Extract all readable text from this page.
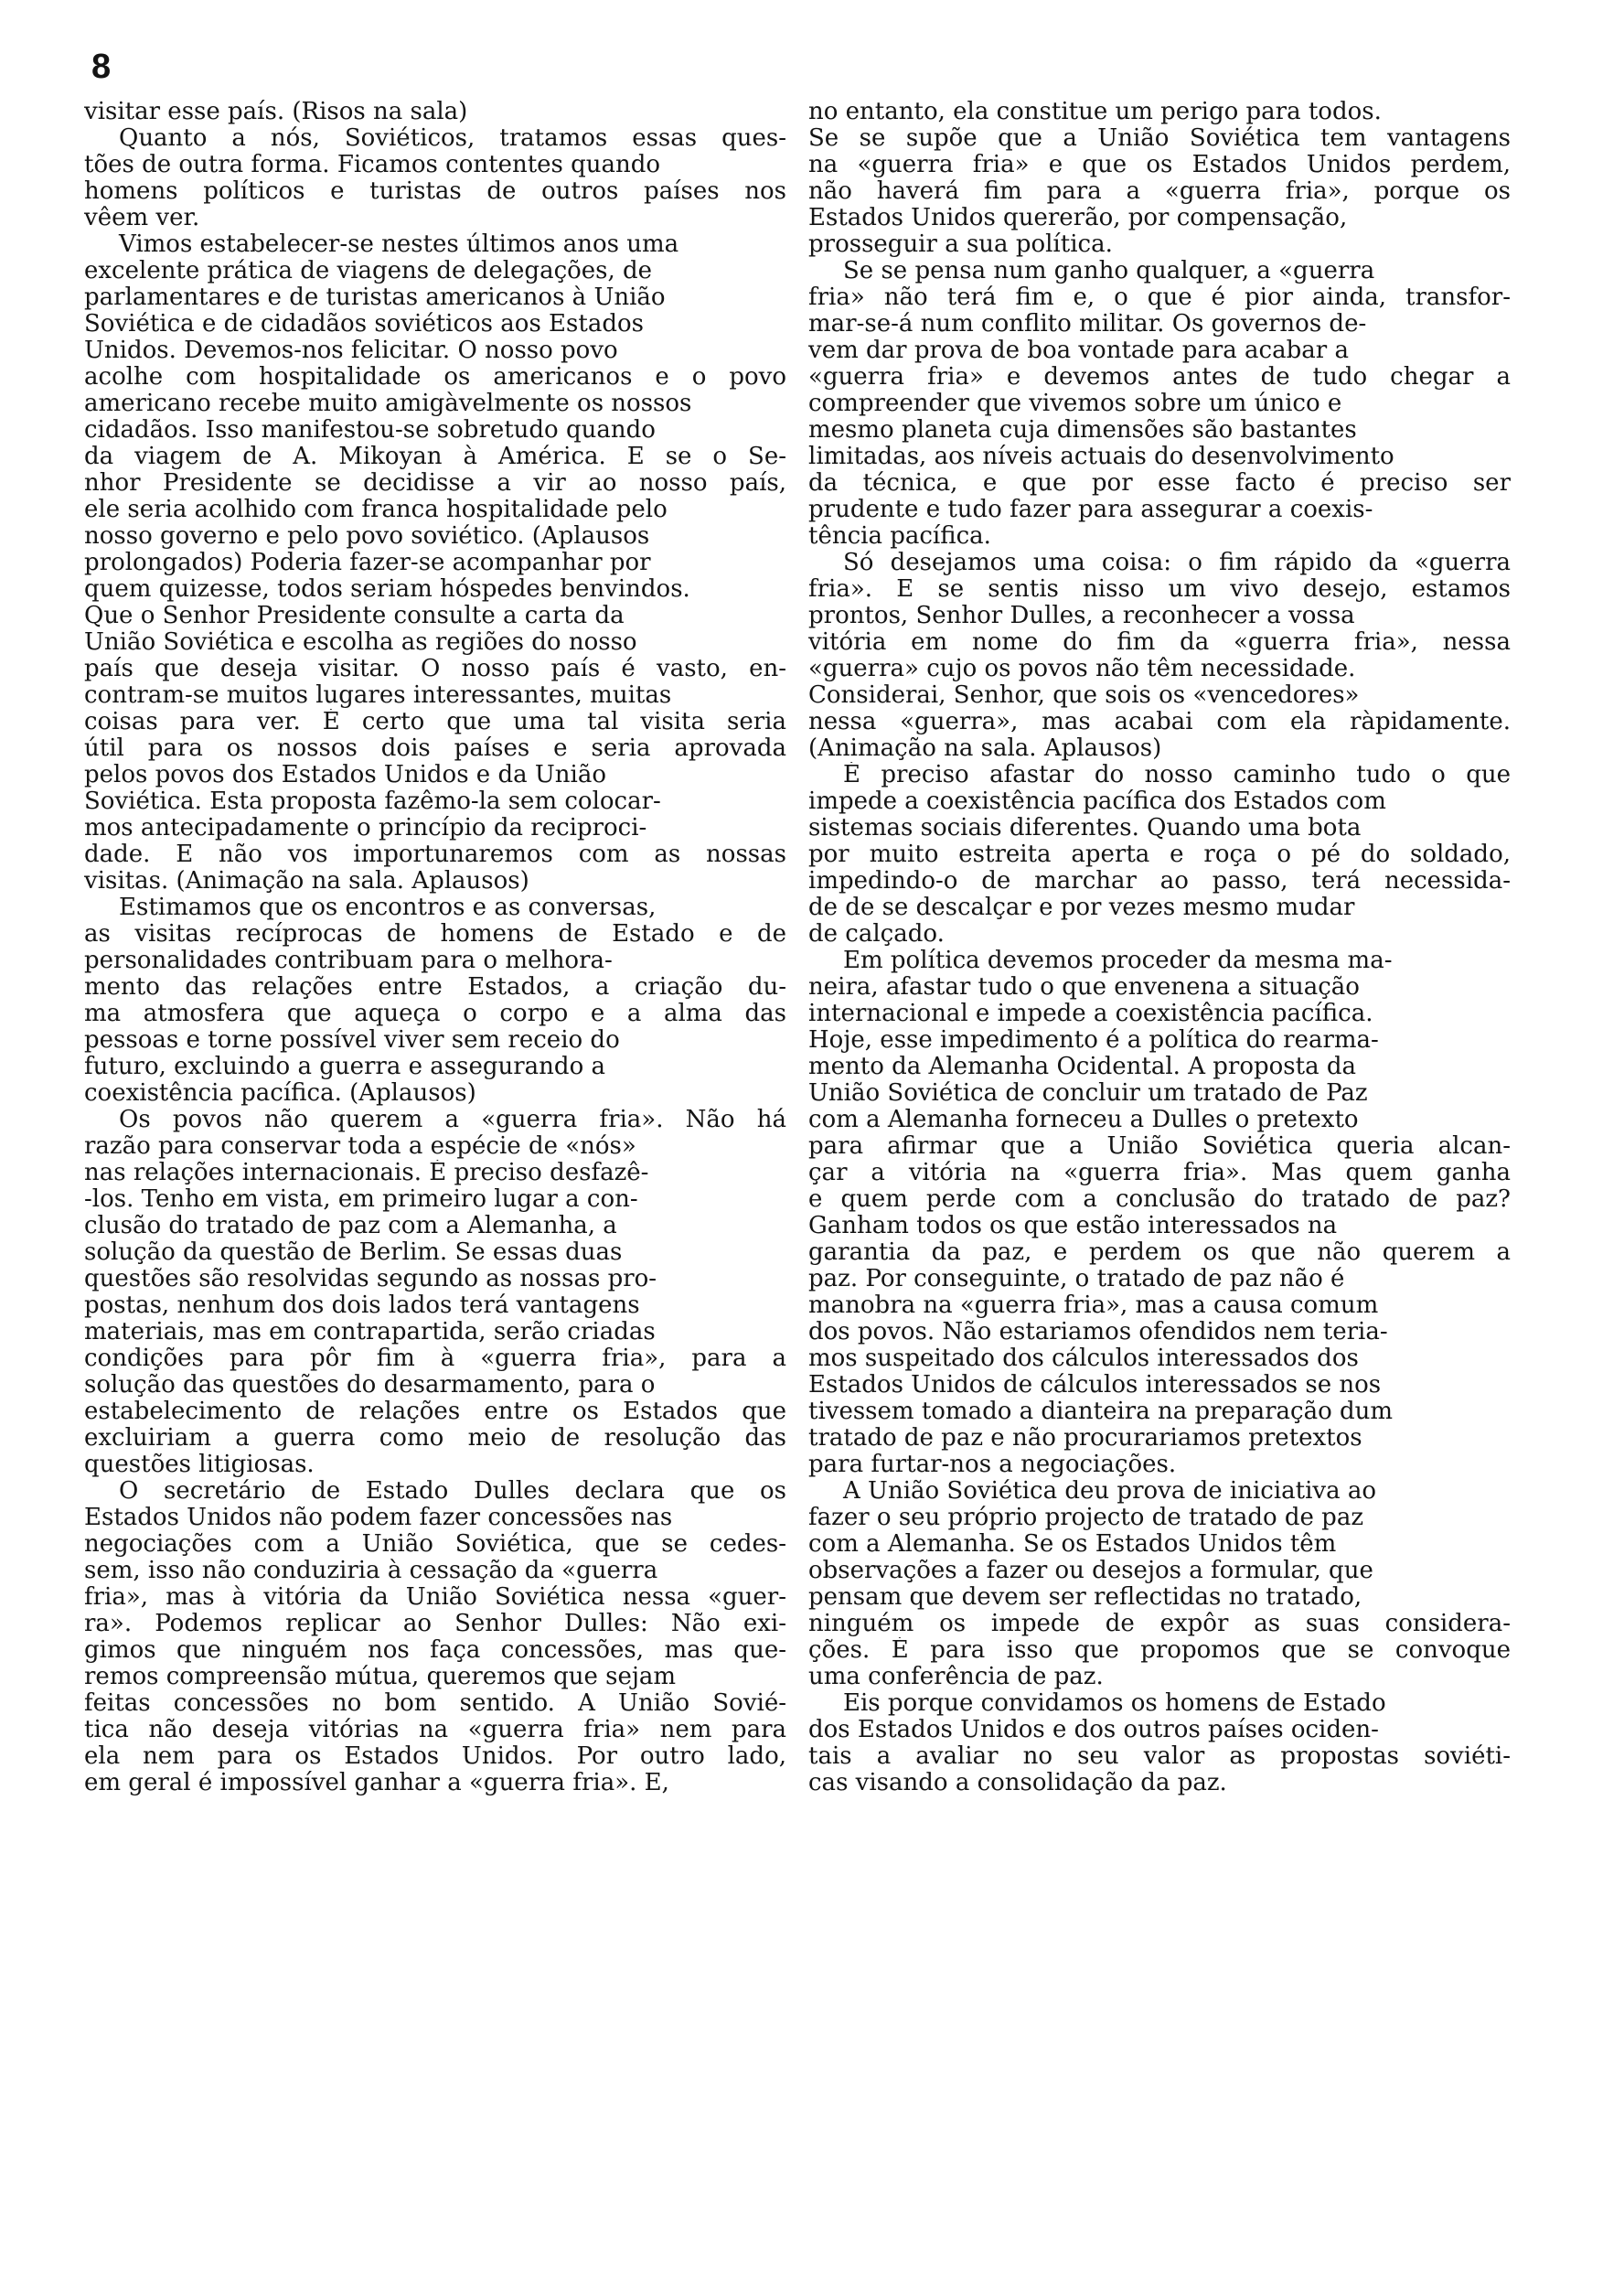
8
visitar esse país. (Risos na sala)
Quanto a nós, Soviéticos, tratamos essas ques-
tões de outra forma. Ficamos contentes quando
homens políticos e turistas de outros países nos
vêem ver.
Vimos estabelecer-se nestes últimos anos uma
excelente prática de viagens de delegações, de
parlamentares e de turistas americanos à União
Soviética e de cidadãos soviéticos aos Estados
Unidos. Devemos-nos felicitar. O nosso povo
acolhe com hospitalidade os americanos e o povo
americano recebe muito amigàvelmente os nossos
cidadãos. Isso manifestou-se sobretudo quando
da viagem de A. Mikoyan à América. E se o Se-
nhor Presidente se decidisse a vir ao nosso país,
ele seria acolhido com franca hospitalidade pelo
nosso governo e pelo povo soviético. (Aplausos
prolongados) Poderia fazer-se acompanhar por
quem quizesse, todos seriam hóspedes benvindos.
Que o Senhor Presidente consulte a carta da
União Soviética e escolha as regiões do nosso
país que deseja visitar. O nosso país é vasto, en-
contram-se muitos lugares interessantes, muitas
coisas para ver. É certo que uma tal visita seria
útil para os nossos dois países e seria aprovada
pelos povos dos Estados Unidos e da União
Soviética. Esta proposta fazêmo-la sem colocar-
mos antecipadamente o princípio da reciproci-
dade. E não vos importunaremos com as nossas
visitas. (Animação na sala. Aplausos)
Estimamos que os encontros e as conversas,
as visitas recíprocas de homens de Estado e de
personalidades contribuam para o melhora-
mento das relações entre Estados, a criação du-
ma atmosfera que aqueça o corpo e a alma das
pessoas e torne possível viver sem receio do
futuro, excluindo a guerra e assegurando a
coexistência pacífica. (Aplausos)
Os povos não querem a «guerra fria». Não há
razão para conservar toda a espécie de «nós»
nas relações internacionais. É preciso desfazê-
-los. Tenho em vista, em primeiro lugar a con-
clusão do tratado de paz com a Alemanha, a
solução da questão de Berlim. Se essas duas
questões são resolvidas segundo as nossas pro-
postas, nenhum dos dois lados terá vantagens
materiais, mas em contrapartida, serão criadas
condições para pôr fim à «guerra fria», para a
solução das questões do desarmamento, para o
estabelecimento de relações entre os Estados que
excluiriam a guerra como meio de resolução das
questões litigiosas.
O secretário de Estado Dulles declara que os
Estados Unidos não podem fazer concessões nas
negociações com a União Soviética, que se cedes-
sem, isso não conduziria à cessação da «guerra
fria», mas à vitória da União Soviética nessa «guer-
ra». Podemos replicar ao Senhor Dulles: Não exi-
gimos que ninguém nos faça concessões, mas que-
remos compreensão mútua, queremos que sejam
feitas concessões no bom sentido. A União Sovié-
tica não deseja vitórias na «guerra fria» nem para
ela nem para os Estados Unidos. Por outro lado,
em geral é impossível ganhar a «guerra fria». E,
no entanto, ela constitue um perigo para todos.
Se se supõe que a União Soviética tem vantagens
na «guerra fria» e que os Estados Unidos perdem,
não haverá fim para a «guerra fria», porque os
Estados Unidos quererão, por compensação,
prosseguir a sua política.
Se se pensa num ganho qualquer, a «guerra
fria» não terá fim e, o que é pior ainda, transfor-
mar-se-á num conflito militar. Os governos de-
vem dar prova de boa vontade para acabar a
«guerra fria» e devemos antes de tudo chegar a
compreender que vivemos sobre um único e
mesmo planeta cuja dimensões são bastantes
limitadas, aos níveis actuais do desenvolvimento
da técnica, e que por esse facto é preciso ser
prudente e tudo fazer para assegurar a coexis-
tência pacífica.
Só desejamos uma coisa: o fim rápido da «guerra
fria». E se sentis nisso um vivo desejo, estamos
prontos, Senhor Dulles, a reconhecer a vossa
vitória em nome do fim da «guerra fria», nessa
«guerra» cujo os povos não têm necessidade.
Considerai, Senhor, que sois os «vencedores»
nessa «guerra», mas acabai com ela ràpidamente.
(Animação na sala. Aplausos)
É preciso afastar do nosso caminho tudo o que
impede a coexistência pacífica dos Estados com
sistemas sociais diferentes. Quando uma bota
por muito estreita aperta e roça o pé do soldado,
impedindo-o de marchar ao passo, terá necessida-
de de se descalçar e por vezes mesmo mudar
de calçado.
Em política devemos proceder da mesma ma-
neira, afastar tudo o que envenena a situação
internacional e impede a coexistência pacífica.
Hoje, esse impedimento é a política do rearma-
mento da Alemanha Ocidental. A proposta da
União Soviética de concluir um tratado de Paz
com a Alemanha forneceu a Dulles o pretexto
para afirmar que a União Soviética queria alcan-
çar a vitória na «guerra fria». Mas quem ganha
e quem perde com a conclusão do tratado de paz?
Ganham todos os que estão interessados na
garantia da paz, e perdem os que não querem a
paz. Por conseguinte, o tratado de paz não é
manobra na «guerra fria», mas a causa comum
dos povos. Não estariamos ofendidos nem teria-
mos suspeitado dos cálculos interessados dos
Estados Unidos de cálculos interessados se nos
tivessem tomado a dianteira na preparação dum
tratado de paz e não procurariamos pretextos
para furtar-nos a negociações.
A União Soviética deu prova de iniciativa ao
fazer o seu próprio projecto de tratado de paz
com a Alemanha. Se os Estados Unidos têm
observações a fazer ou desejos a formular, que
pensam que devem ser reflectidas no tratado,
ninguém os impede de expôr as suas considera-
ções. É para isso que propomos que se convoque
uma conferência de paz.
Eis porque convidamos os homens de Estado
dos Estados Unidos e dos outros países ociden-
tais a avaliar no seu valor as propostas soviéti-
cas visando a consolidação da paz.
